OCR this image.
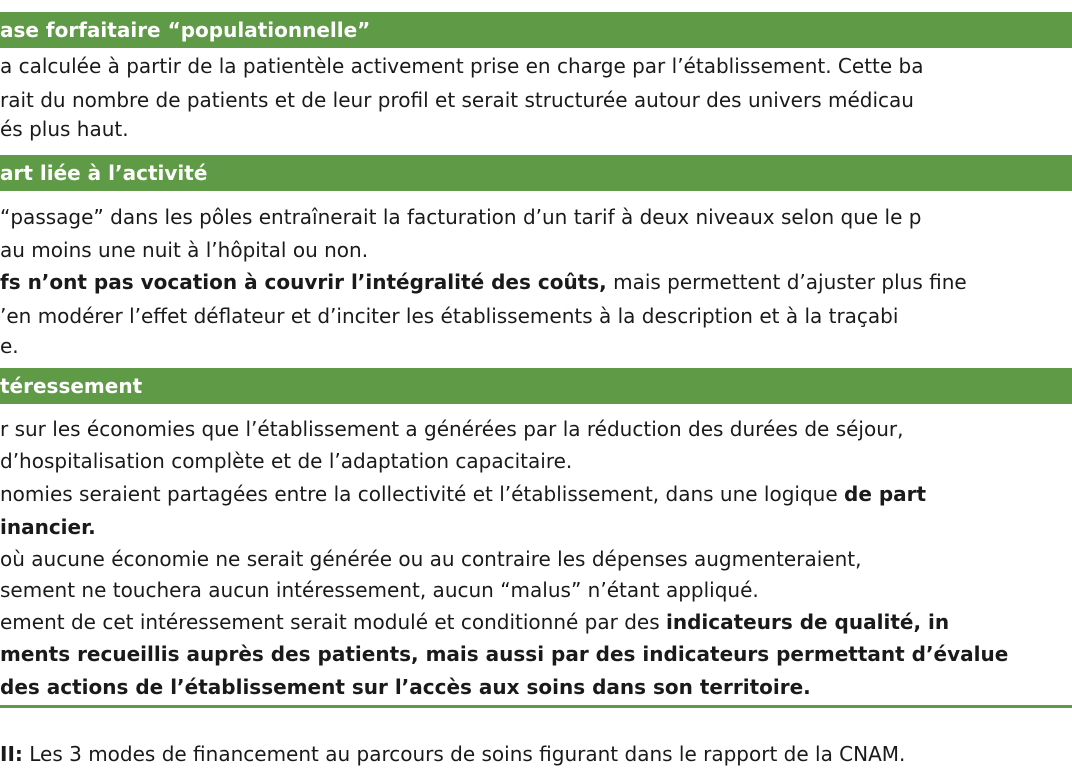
ase forfaitaire “populationnelle”
a calculée à partir de la patientèle activement prise en charge par l’établissement. Cette ba
rait du nombre de patients et de leur profil et serait structurée autour des univers médicau
és plus haut.
art liée à l’activité
“passage” dans les pôles entraînerait la facturation d’un tarif à deux niveaux selon que le p
au moins une nuit à l’hôpital ou non.
fs n’ont pas vocation à couvrir l’intégralité des coûts, mais permettent d’ajuster plus fine
’en modérer l’effet déflateur et d’inciter les établissements à la description et à la traçabi
e.
téressement
r sur les économies que l’établissement a générées par la réduction des durées de séjour,
d’hospitalisation complète et de l’adaptation capacitaire.
nomies seraient partagées entre la collectivité et l’établissement, dans une logique de part
inancier.
où aucune économie ne serait générée ou au contraire les dépenses augmenteraient,
sement ne touchera aucun intéressement, aucun “malus” n’étant appliqué.
ement de cet intéressement serait modulé et conditionné par des indicateurs de qualité, in
ments recueillis auprès des patients, mais aussi par des indicateurs permettant d’évalue
des actions de l’établissement sur l’accès aux soins dans son territoire.
II: Les 3 modes de financement au parcours de soins figurant dans le rapport de la CNAM.
